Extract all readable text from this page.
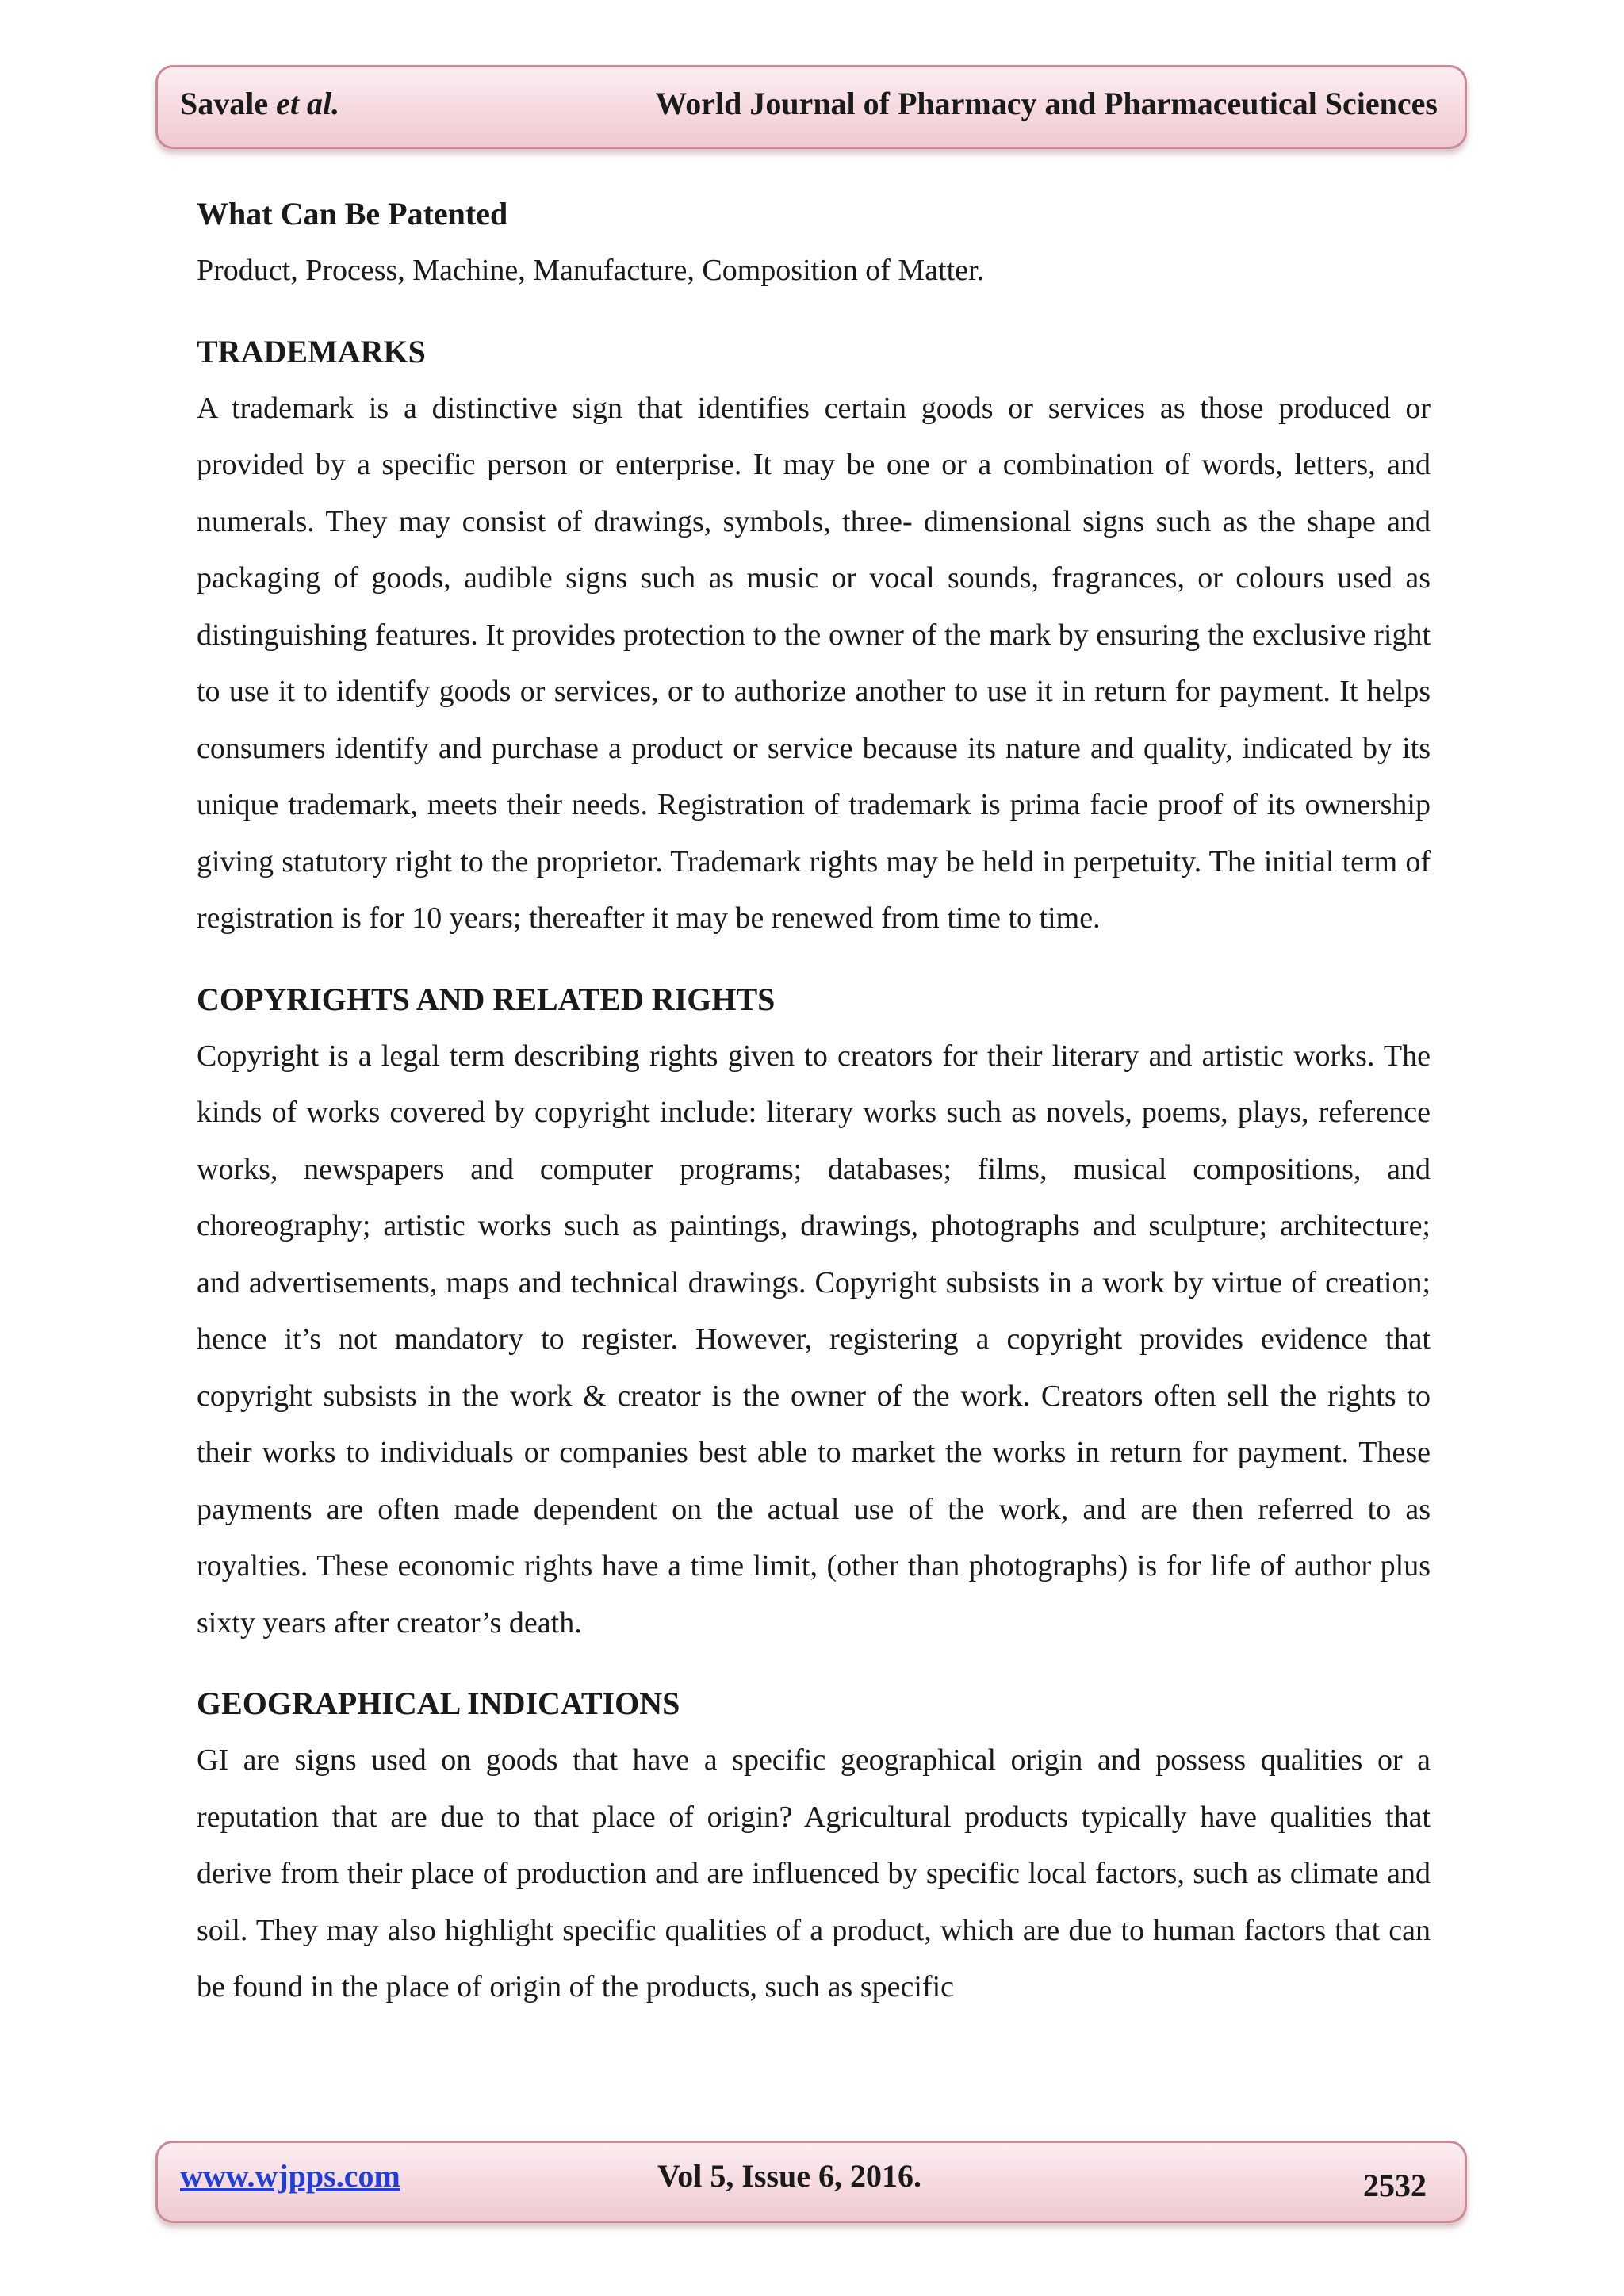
Savale et al.	World Journal of Pharmacy and Pharmaceutical Sciences
What Can Be Patented

Product, Process, Machine, Manufacture, Composition of Matter.

TRADEMARKS

A trademark is a distinctive sign that identifies certain goods or services as those produced or provided by a specific person or enterprise. It may be one or a combination of words, letters, and numerals. They may consist of drawings, symbols, three- dimensional signs such as the shape and packaging of goods, audible signs such as music or vocal sounds, fragrances, or colours used as distinguishing features. It provides protection to the owner of the mark by ensuring the exclusive right to use it to identify goods or services, or to authorize another to use it in return for payment. It helps consumers identify and purchase a product or service because its nature and quality, indicated by its unique trademark, meets their needs. Registration of trademark is prima facie proof of its ownership giving statutory right to the proprietor. Trademark rights may be held in perpetuity. The initial term of registration is for 10 years; thereafter it may be renewed from time to time.

COPYRIGHTS AND RELATED RIGHTS

Copyright is a legal term describing rights given to creators for their literary and artistic works. The kinds of works covered by copyright include: literary works such as novels, poems, plays, reference works, newspapers and computer programs; databases; films, musical compositions, and choreography; artistic works such as paintings, drawings, photographs and sculpture; architecture; and advertisements, maps and technical drawings. Copyright subsists in a work by virtue of creation; hence it’s not mandatory to register. However, registering a copyright provides evidence that copyright subsists in the work & creator is the owner of the work. Creators often sell the rights to their works to individuals or companies best able to market the works in return for payment. These payments are often made dependent on the actual use of the work, and are then referred to as royalties. These economic rights have a time limit, (other than photographs) is for life of author plus sixty years after creator’s death.

GEOGRAPHICAL INDICATIONS

GI are signs used on goods that have a specific geographical origin and possess qualities or a reputation that are due to that place of origin? Agricultural products typically have qualities that derive from their place of production and are influenced by specific local factors, such as climate and soil. They may also highlight specific qualities of a product, which are due to human factors that can be found in the place of origin of the products, such as specific

www.wjpps.com	Vol 5, Issue 6, 2016.	2532
